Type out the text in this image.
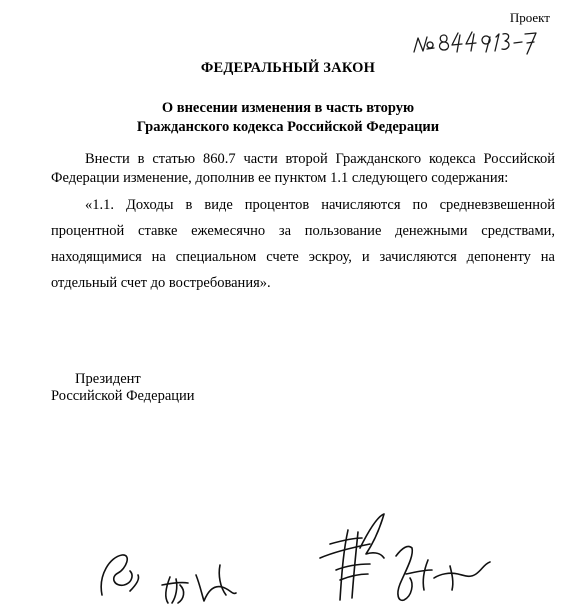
Проект
№ 844913-7
ФЕДЕРАЛЬНЫЙ ЗАКОН
О внесении изменения в часть вторую
Гражданского кодекса Российской Федерации

Внести в статью 860.7 части второй Гражданского кодекса Российской Федерации изменение, дополнив ее пунктом 1.1 следующего содержания:

«1.1. Доходы в виде процентов начисляются по средневзвешенной процентной ставке ежемесячно за пользование денежными средствами, находящимися на специальном счете эскроу, и зачисляются депоненту на отдельный счет до востребования».

Президент
Российской Федерации
